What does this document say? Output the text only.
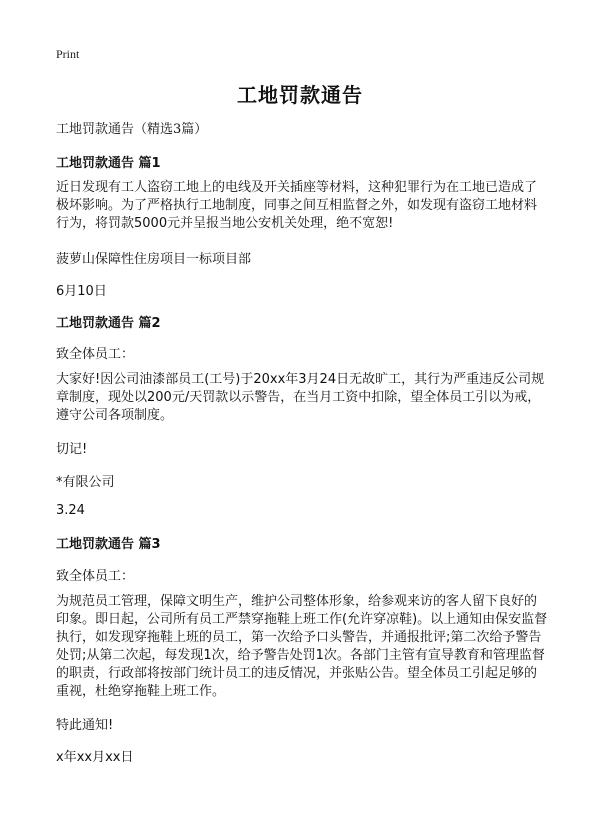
Print
工地罚款通告
工地罚款通告（精选3篇）
工地罚款通告 篇1
近日发现有工人盗窃工地上的电线及开关插座等材料，这种犯罪行为在工地已造成了极坏影响。为了严格执行工地制度，同事之间互相监督之外，如发现有盗窃工地材料行为，将罚款5000元并呈报当地公安机关处理，绝不宽恕!
菠萝山保障性住房项目一标项目部
6月10日
工地罚款通告 篇2
致全体员工：
大家好!因公司油漆部员工(工号)于20xx年3月24日无故旷工，其行为严重违反公司规章制度，现处以200元/天罚款以示警告，在当月工资中扣除，望全体员工引以为戒，遵守公司各项制度。
切记!
*有限公司
3.24
工地罚款通告 篇3
致全体员工：
为规范员工管理，保障文明生产，维护公司整体形象，给参观来访的客人留下良好的印象。即日起，公司所有员工严禁穿拖鞋上班工作(允许穿凉鞋)。以上通知由保安监督执行，如发现穿拖鞋上班的员工，第一次给予口头警告，并通报批评;第二次给予警告处罚;从第二次起，每发现1次，给予警告处罚1次。各部门主管有宣导教育和管理监督的职责，行政部将按部门统计员工的违反情况，并张贴公告。望全体员工引起足够的重视，杜绝穿拖鞋上班工作。
特此通知!
x年xx月xx日
